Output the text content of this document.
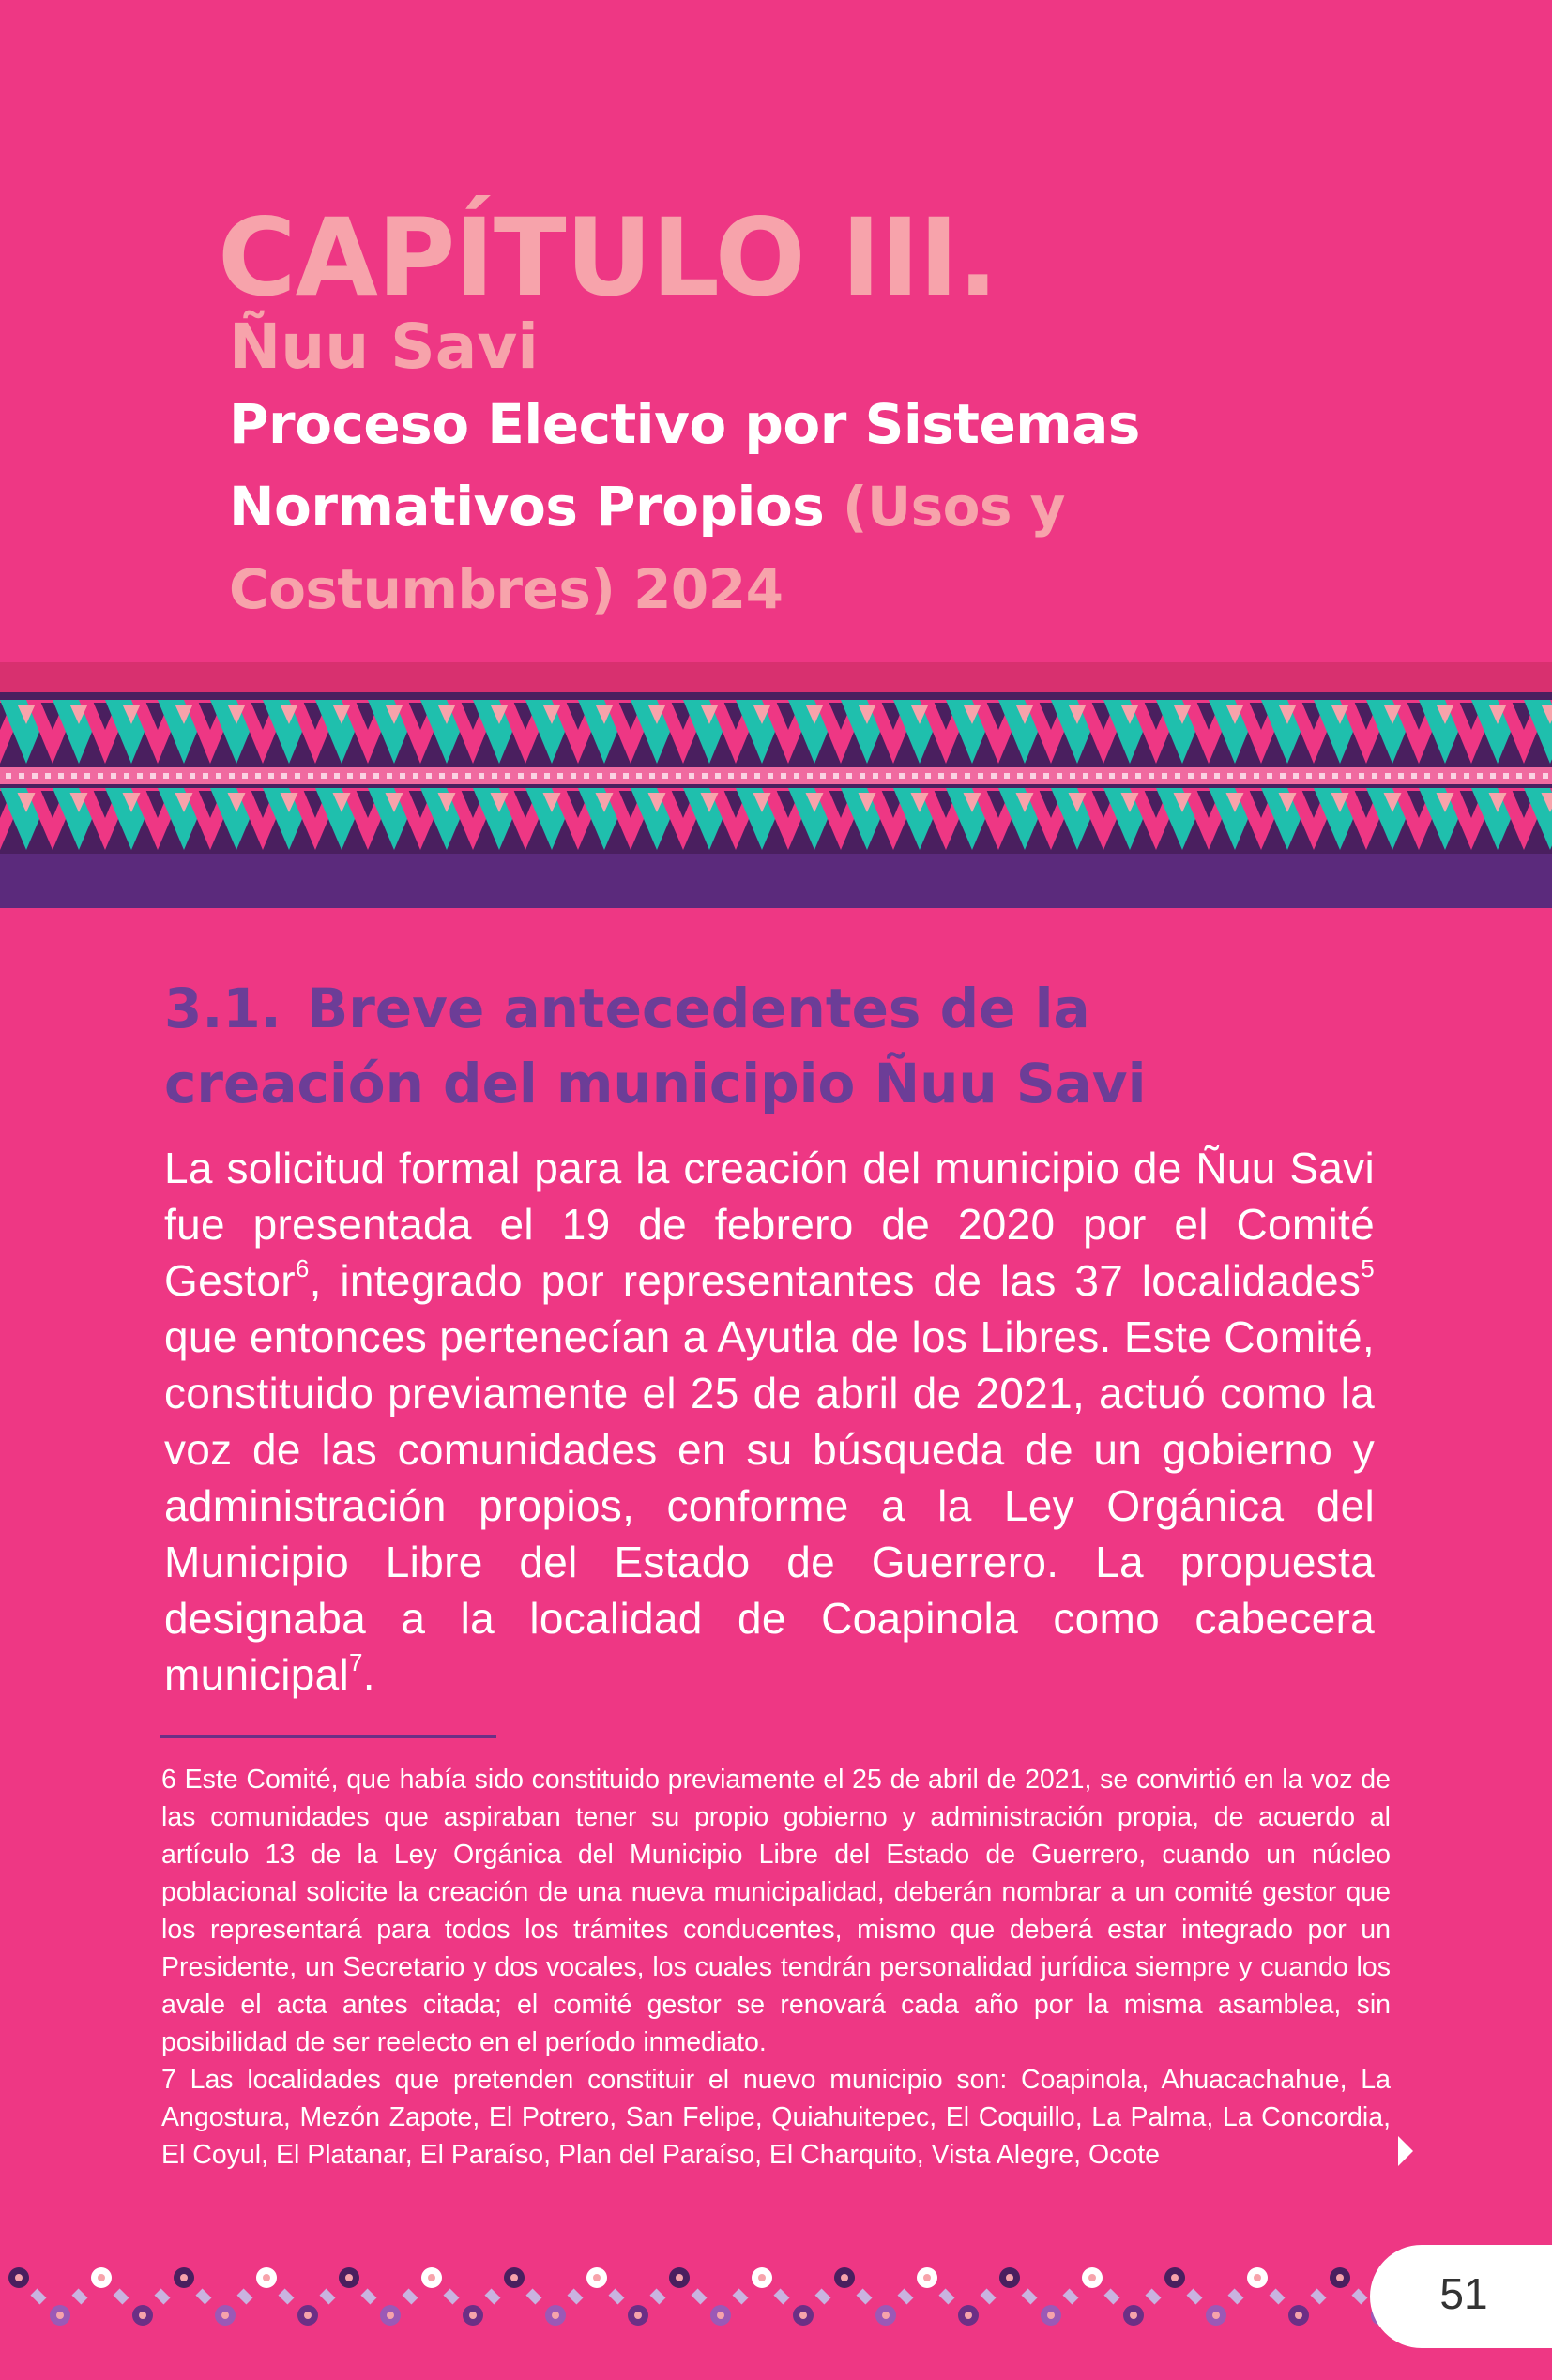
CAPÍTULO III.
Ñuu Savi
Proceso Electivo por Sistemas
Normativos Propios (Usos y
Costumbres) 2024
3.1. Breve antecedentes de la
creación del municipio Ñuu Savi

La solicitud formal para la creación del municipio de Ñuu Savi fue presentada el 19 de febrero de 2020 por el Comité Gestor$^6$, integrado por representantes de las 37 localidades$^5$ que entonces pertenecían a Ayutla de los Libres. Este Comité, constituido previamente el 25 de abril de 2021, actuó como la voz de las comunidades en su búsqueda de un gobierno y administración propios, conforme a la Ley Orgánica del Municipio Libre del Estado de Guerrero. La propuesta designaba a la localidad de Coapinola como cabecera municipal$^7$.

6 Este Comité, que había sido constituido previamente el 25 de abril de 2021, se convirtió en la voz de las comunidades que aspiraban tener su propio gobierno y administración propia, de acuerdo al artículo 13 de la Ley Orgánica del Municipio Libre del Estado de Guerrero, cuando un núcleo poblacional solicite la creación de una nueva municipalidad, deberán nombrar a un comité gestor que los representará para todos los trámites conducentes, mismo que deberá estar integrado por un Presidente, un Secretario y dos vocales, los cuales tendrán personalidad jurídica siempre y cuando los avale el acta antes citada; el comité gestor se renovará cada año por la misma asamblea, sin posibilidad de ser reelecto en el período inmediato.

7 Las localidades que pretenden constituir el nuevo municipio son: Coapinola, Ahuacachahue, La Angostura, Mezón Zapote, El Potrero, San Felipe, Quiahuitepec, El Coquillo, La Palma, La Concordia, El Coyul, El Platanar, El Paraíso, Plan del Paraíso, El Charquito, Vista Alegre, Ocote

51
